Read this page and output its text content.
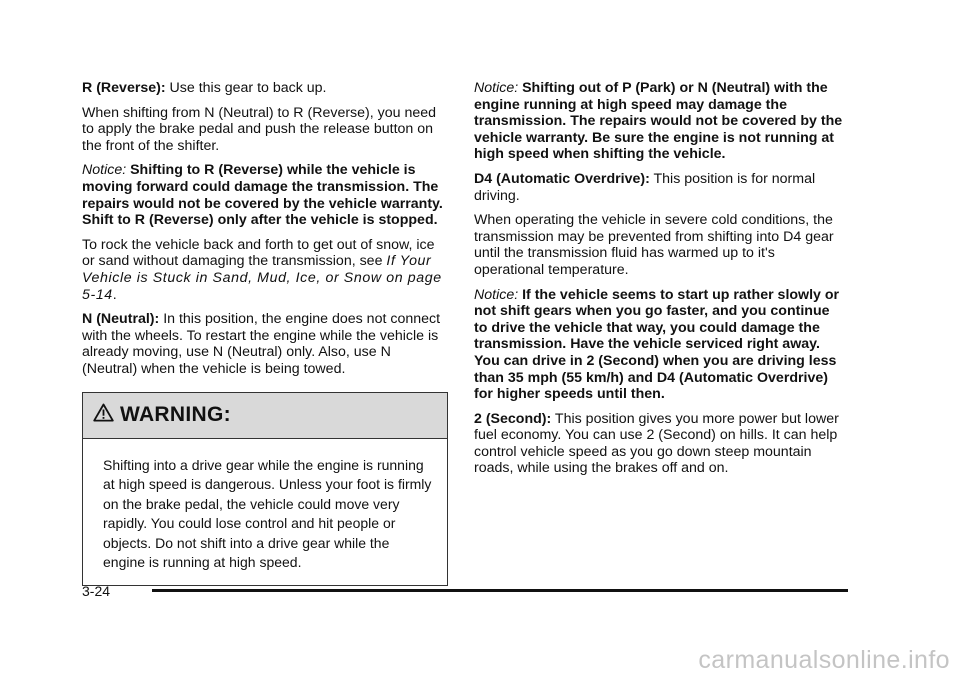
R (Reverse): Use this gear to back up.

When shifting from N (Neutral) to R (Reverse), you need to apply the brake pedal and push the release button on the front of the shifter.

Notice: Shifting to R (Reverse) while the vehicle is moving forward could damage the transmission. The repairs would not be covered by the vehicle warranty. Shift to R (Reverse) only after the vehicle is stopped.

To rock the vehicle back and forth to get out of snow, ice or sand without damaging the transmission, see If Your Vehicle is Stuck in Sand, Mud, Ice, or Snow on page 5-14.

N (Neutral): In this position, the engine does not connect with the wheels. To restart the engine while the vehicle is already moving, use N (Neutral) only. Also, use N (Neutral) when the vehicle is being towed.

WARNING:
Shifting into a drive gear while the engine is running at high speed is dangerous. Unless your foot is firmly on the brake pedal, the vehicle could move very rapidly. You could lose control and hit people or objects. Do not shift into a drive gear while the engine is running at high speed.

Notice: Shifting out of P (Park) or N (Neutral) with the engine running at high speed may damage the transmission. The repairs would not be covered by the vehicle warranty. Be sure the engine is not running at high speed when shifting the vehicle.

D4 (Automatic Overdrive): This position is for normal driving.

When operating the vehicle in severe cold conditions, the transmission may be prevented from shifting into D4 gear until the transmission fluid has warmed up to it's operational temperature.

Notice: If the vehicle seems to start up rather slowly or not shift gears when you go faster, and you continue to drive the vehicle that way, you could damage the transmission. Have the vehicle serviced right away. You can drive in 2 (Second) when you are driving less than 35 mph (55 km/h) and D4 (Automatic Overdrive) for higher speeds until then.

2 (Second): This position gives you more power but lower fuel economy. You can use 2 (Second) on hills. It can help control vehicle speed as you go down steep mountain roads, while using the brakes off and on.

3-24
carmanualsonline.info
